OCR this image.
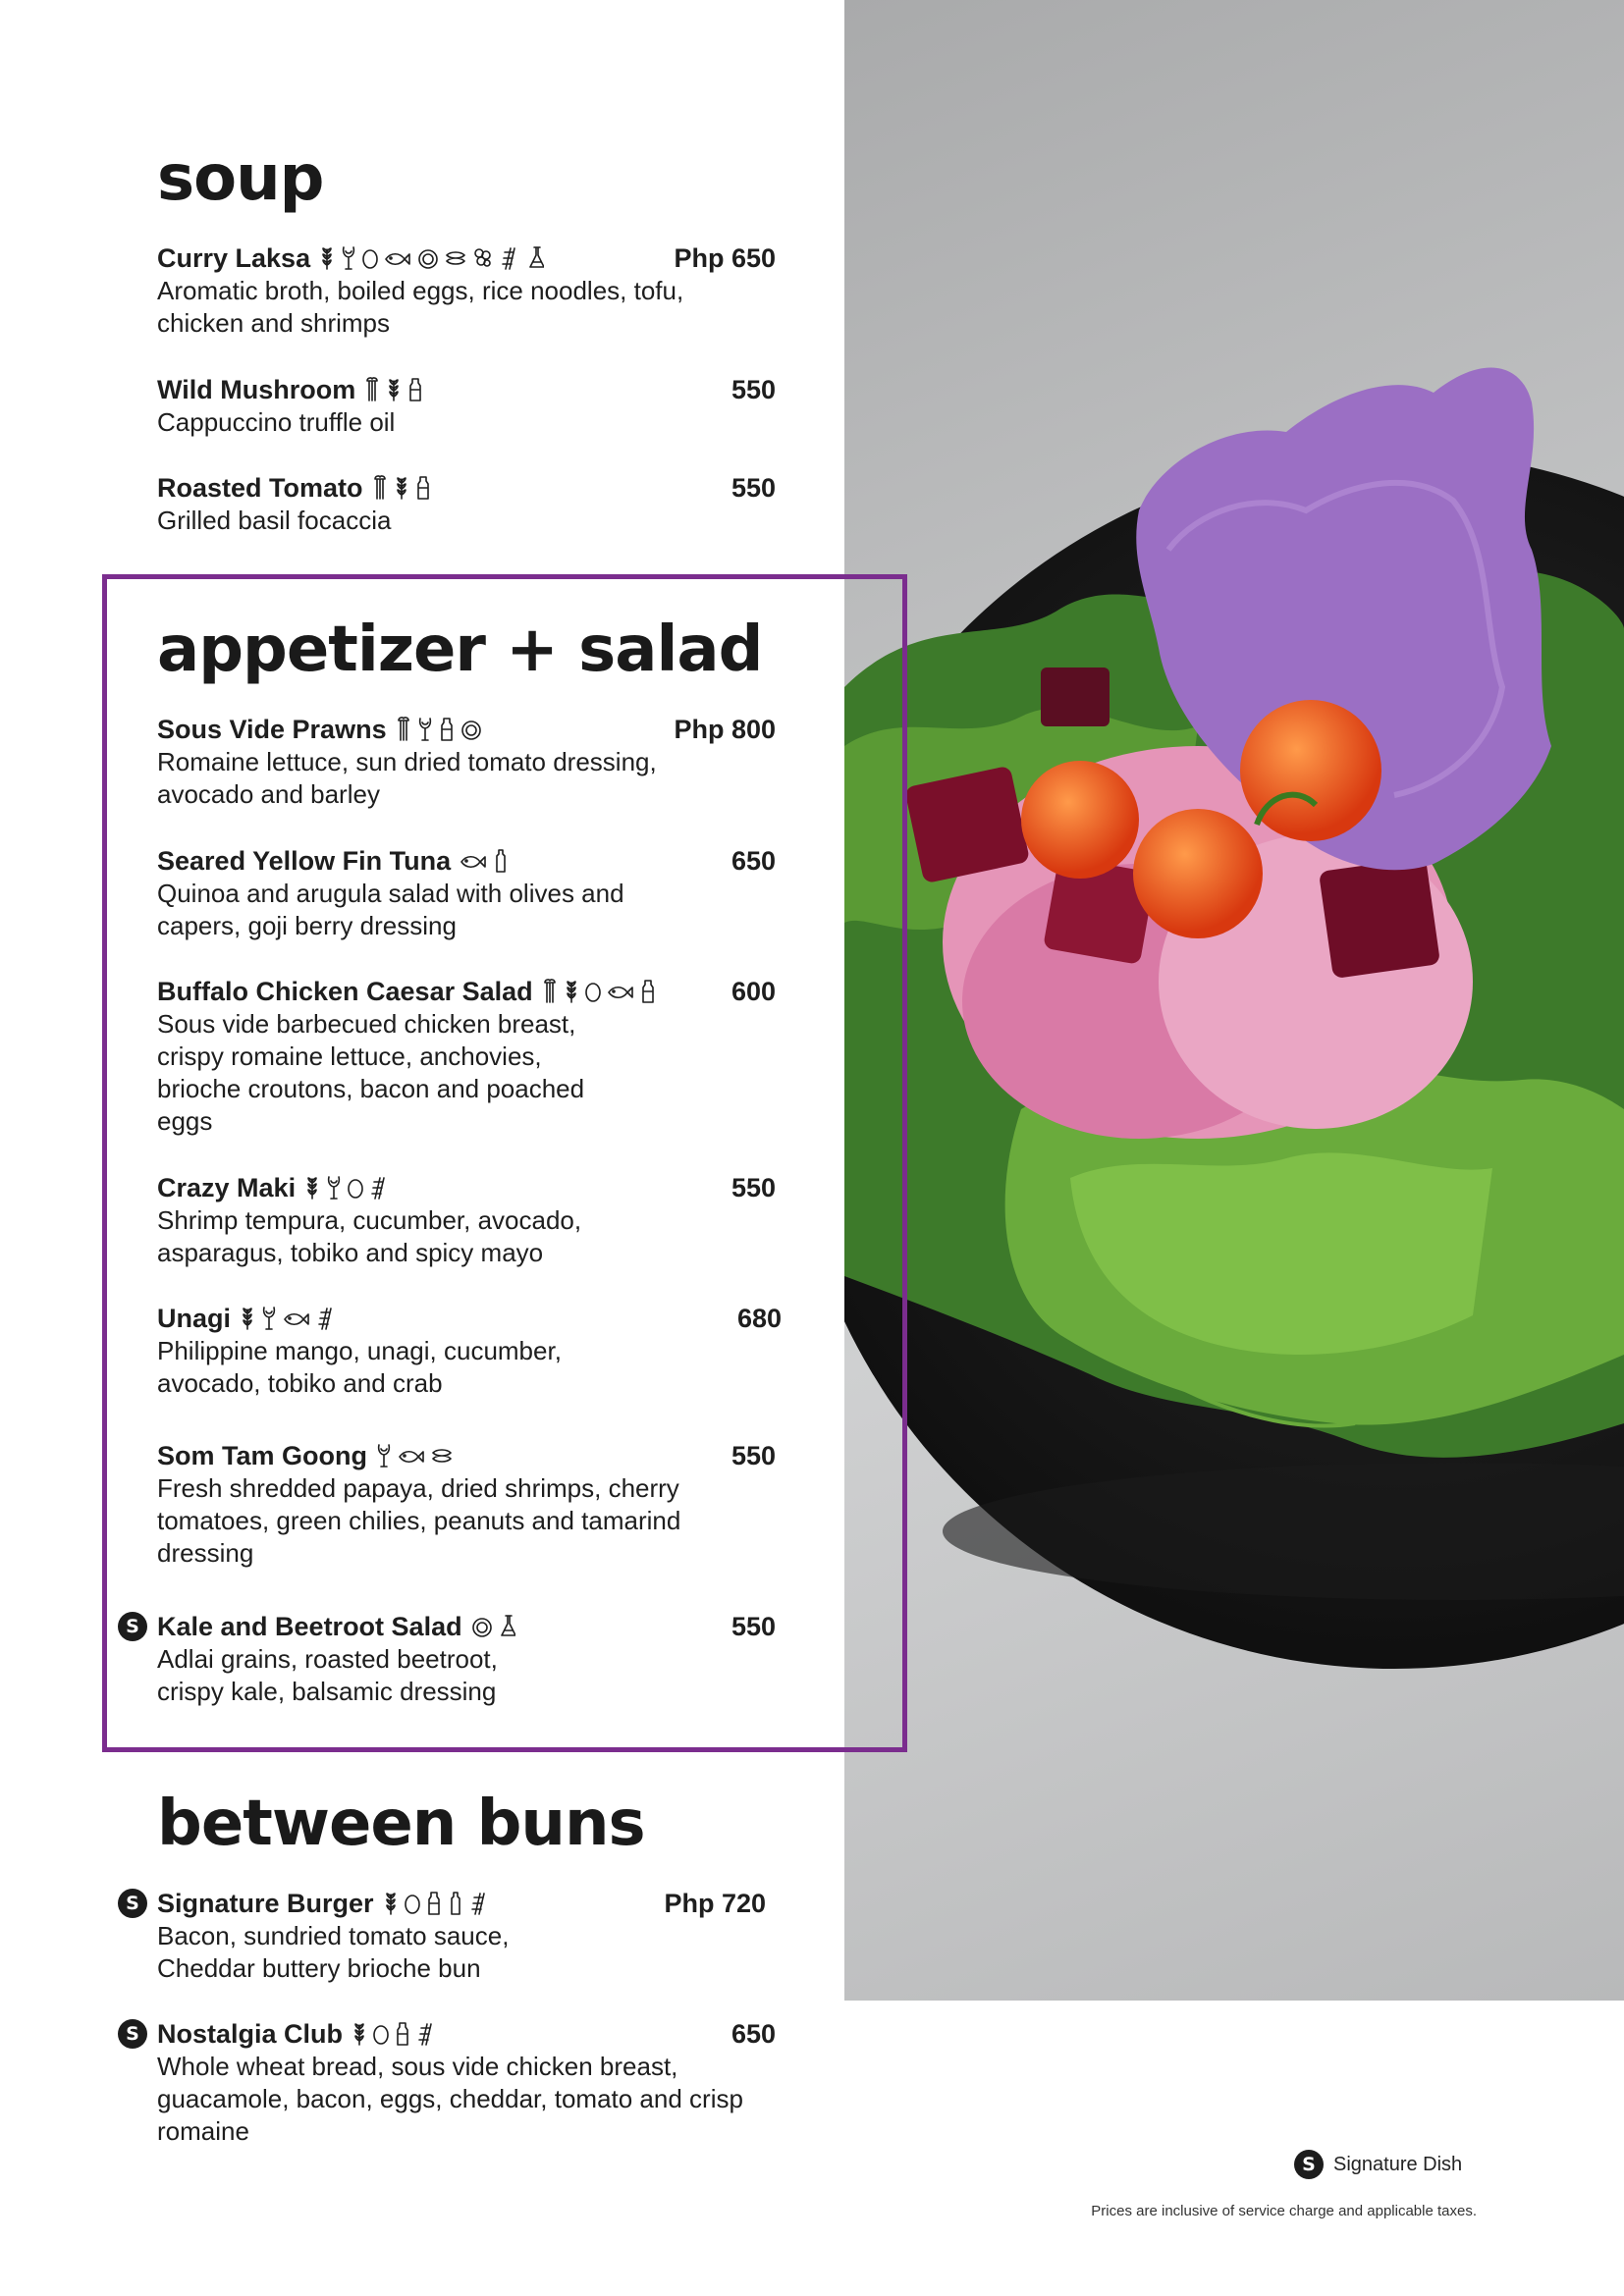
soup
Curry Laksa	Php 650
Aromatic broth, boiled eggs, rice noodles, tofu, chicken and shrimps
Wild Mushroom	550
Cappuccino truffle oil
Roasted Tomato	550
Grilled basil focaccia
appetizer + salad
Sous Vide Prawns	Php 800
Romaine lettuce, sun dried tomato dressing, avocado and barley
Seared Yellow Fin Tuna	650
Quinoa and arugula salad with olives and capers, goji berry dressing
Buffalo Chicken Caesar Salad	600
Sous vide barbecued chicken breast, crispy romaine lettuce, anchovies, brioche croutons, bacon and poached eggs
Crazy Maki	550
Shrimp tempura, cucumber, avocado, asparagus, tobiko and spicy mayo
Unagi	680
Philippine mango, unagi, cucumber, avocado, tobiko and crab
Som Tam Goong	550
Fresh shredded papaya, dried shrimps, cherry tomatoes, green chilies, peanuts and tamarind dressing
S Kale and Beetroot Salad	550
Adlai grains, roasted beetroot, crispy kale, balsamic dressing
between buns
S Signature Burger	Php 720
Bacon, sundried tomato sauce, Cheddar buttery brioche bun
S Nostalgia Club	650
Whole wheat bread, sous vide chicken breast, guacamole, bacon, eggs, cheddar, tomato and crisp romaine
S Signature Dish
Prices are inclusive of service charge and applicable taxes.
